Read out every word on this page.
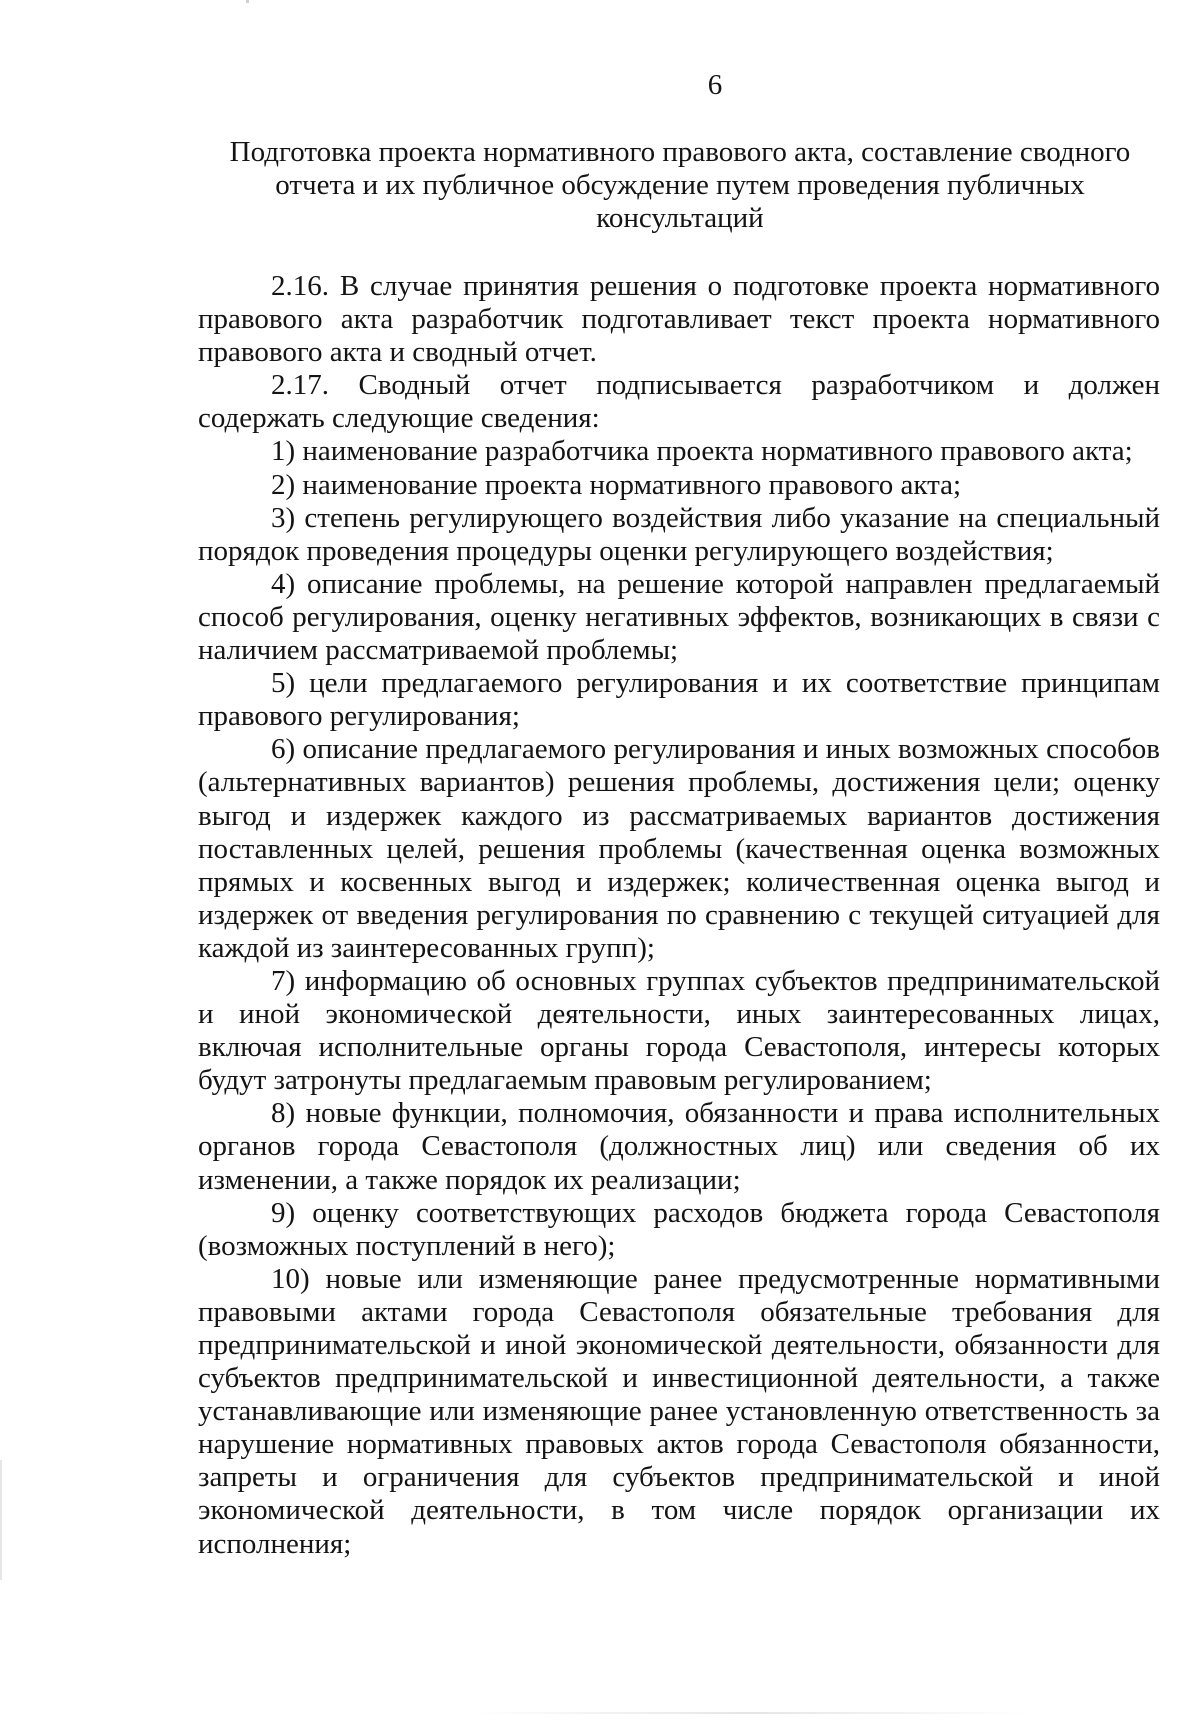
6
Подготовка проекта нормативного правового акта, составление сводного
отчета и их публичное обсуждение путем проведения публичных
консультаций

2.16. В случае принятия решения о подготовке проекта нормативного правового акта разработчик подготавливает текст проекта нормативного правового акта и сводный отчет.

2.17. Сводный отчет подписывается разработчиком и должен содержать следующие сведения:

1) наименование разработчика проекта нормативного правового акта;

2) наименование проекта нормативного правового акта;

3) степень регулирующего воздействия либо указание на специальный порядок проведения процедуры оценки регулирующего воздействия;

4) описание проблемы, на решение которой направлен предлагаемый способ регулирования, оценку негативных эффектов, возникающих в связи с наличием рассматриваемой проблемы;

5) цели предлагаемого регулирования и их соответствие принципам правового регулирования;

6) описание предлагаемого регулирования и иных возможных способов (альтернативных вариантов) решения проблемы, достижения цели; оценку выгод и издержек каждого из рассматриваемых вариантов достижения поставленных целей, решения проблемы (качественная оценка возможных прямых и косвенных выгод и издержек; количественная оценка выгод и издержек от введения регулирования по сравнению с текущей ситуацией для каждой из заинтересованных групп);

7) информацию об основных группах субъектов предпринимательской и иной экономической деятельности, иных заинтересованных лицах, включая исполнительные органы города Севастополя, интересы которых будут затронуты предлагаемым правовым регулированием;

8) новые функции, полномочия, обязанности и права исполнительных органов города Севастополя (должностных лиц) или сведения об их изменении, а также порядок их реализации;

9) оценку соответствующих расходов бюджета города Севастополя (возможных поступлений в него);

10) новые или изменяющие ранее предусмотренные нормативными правовыми актами города Севастополя обязательные требования для предпринимательской и иной экономической деятельности, обязанности для субъектов предпринимательской и инвестиционной деятельности, а также устанавливающие или изменяющие ранее установленную ответственность за нарушение нормативных правовых актов города Севастополя обязанности, запреты и ограничения для субъектов предпринимательской и иной экономической деятельности, в том числе порядок организации их исполнения;
